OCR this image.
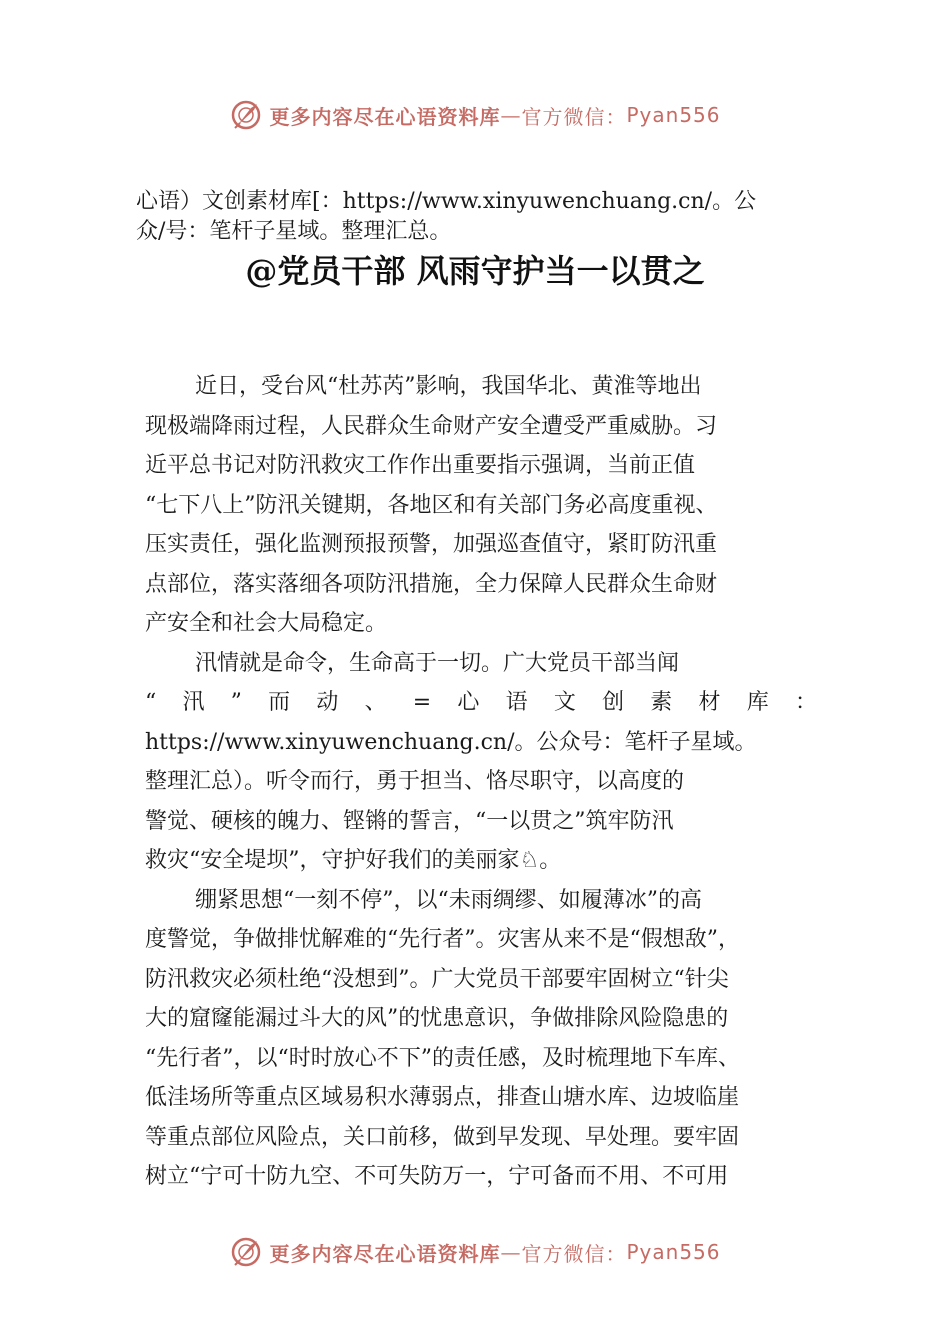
更多内容尽在心语资料库 — 官方微信： Pyan556
心语）文创素材库[：https://www.xinyuwenchuang.cn/。公
众/号：笔杆子星域。整理汇总。
@党员干部 风雨守护当一以贯之
近日，受台风“杜苏芮”影响，我国华北、黄淮等地出
现极端降雨过程，人民群众生命财产安全遭受严重威胁。习
近平总书记对防汛救灾工作作出重要指示强调，当前正值
“七下八上”防汛关键期，各地区和有关部门务必高度重视、
压实责任，强化监测预报预警，加强巡查值守，紧盯防汛重
点部位，落实落细各项防汛措施，全力保障人民群众生命财
产安全和社会大局稳定。
汛情就是命令，生命高于一切。广大党员干部当闻
“ 汛 ” 而 动 、 = 心 语 文 创 素 材 库 ：
https://www.xinyuwenchuang.cn/。公众号：笔杆子星域。
整理汇总）。听令而行，勇于担当、恪尽职守，以高度的
警觉、硬核的魄力、铿锵的誓言，“一以贯之”筑牢防汛
救灾“安全堤坝”，守护好我们的美丽家♘。
绷紧思想“一刻不停”，以“未雨绸缪、如履薄冰”的高
度警觉，争做排忧解难的“先行者”。灾害从来不是“假想敌”，
防汛救灾必须杜绝“没想到”。广大党员干部要牢固树立“针尖
大的窟窿能漏过斗大的风”的忧患意识，争做排除风险隐患的
“先行者”，以“时时放心不下”的责任感，及时梳理地下车库、
低洼场所等重点区域易积水薄弱点，排查山塘水库、边坡临崖
等重点部位风险点，关口前移，做到早发现、早处理。要牢固
树立“宁可十防九空、不可失防万一，宁可备而不用、不可用
更多内容尽在心语资料库 — 官方微信： Pyan556
